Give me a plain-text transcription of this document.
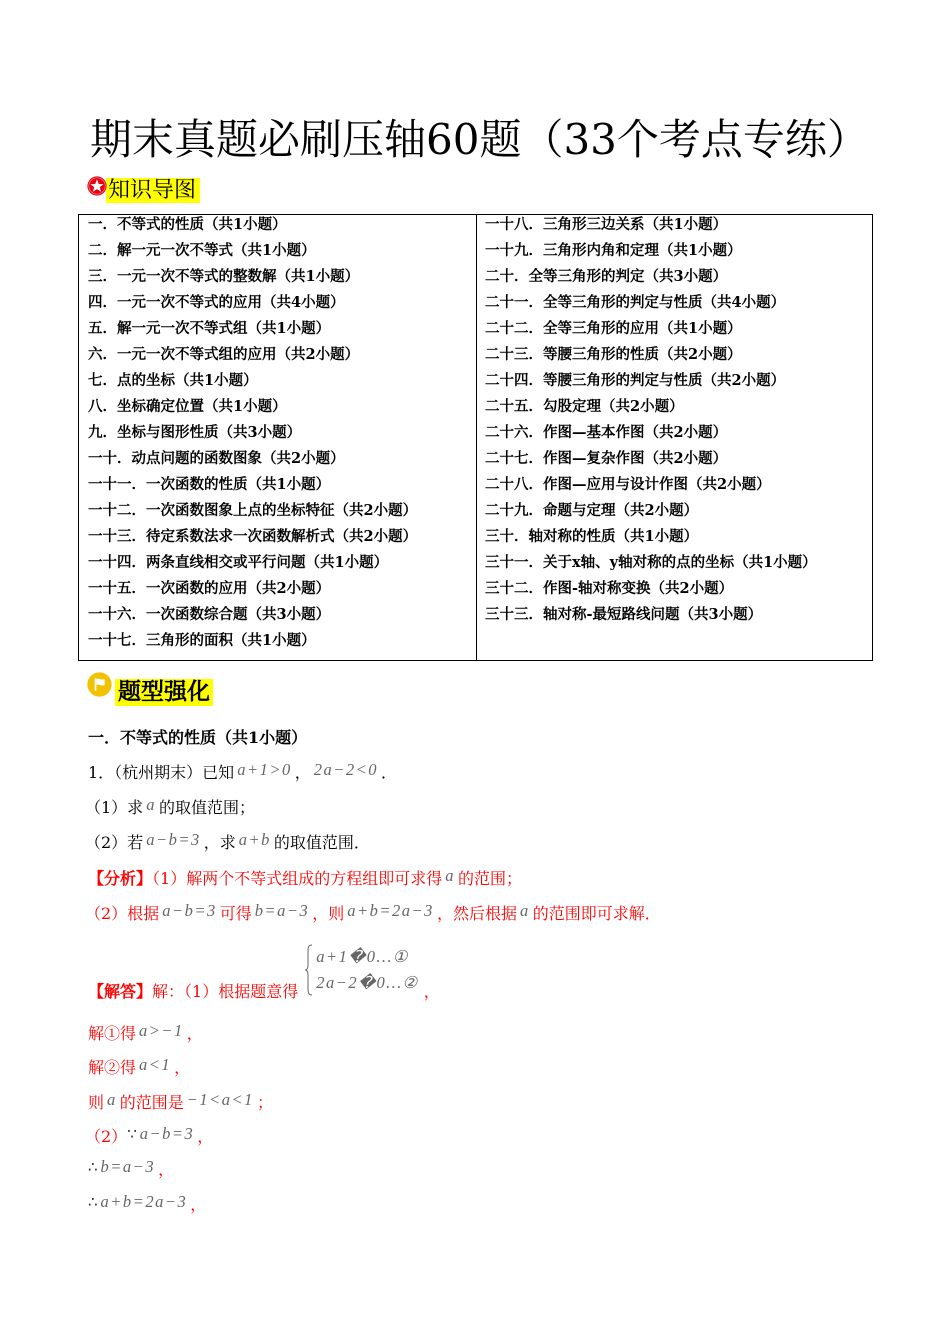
期末真题必刷压轴60题（33个考点专练）
知识导图
一．不等式的性质（共1小题）
二．解一元一次不等式（共1小题）
三．一元一次不等式的整数解（共1小题）
四．一元一次不等式的应用（共4小题）
五．解一元一次不等式组（共1小题）
六．一元一次不等式组的应用（共2小题）
七．点的坐标（共1小题）
八．坐标确定位置（共1小题）
九．坐标与图形性质（共3小题）
一十．动点问题的函数图象（共2小题）
一十一．一次函数的性质（共1小题）
一十二．一次函数图象上点的坐标特征（共2小题）
一十三．待定系数法求一次函数解析式（共2小题）
一十四．两条直线相交或平行问题（共1小题）
一十五．一次函数的应用（共2小题）
一十六．一次函数综合题（共3小题）
一十七．三角形的面积（共1小题）
一十八．三角形三边关系（共1小题）
一十九．三角形内角和定理（共1小题）
二十．全等三角形的判定（共3小题）
二十一．全等三角形的判定与性质（共4小题）
二十二．全等三角形的应用（共1小题）
二十三．等腰三角形的性质（共2小题）
二十四．等腰三角形的判定与性质（共2小题）
二十五．勾股定理（共2小题）
二十六．作图—基本作图（共2小题）
二十七．作图—复杂作图（共2小题）
二十八．作图—应用与设计作图（共2小题）
二十九．命题与定理（共2小题）
三十．轴对称的性质（共1小题）
三十一．关于x轴、y轴对称的点的坐标（共1小题）
三十二．作图-轴对称变换（共2小题）
三十三．轴对称-最短路线问题（共3小题）
题型强化
一．不等式的性质（共1小题）
1．（杭州期末）已知 a+1>0 ， 2a−2<0 ．
（1）求 a 的取值范围；
（2）若 a−b=3 ，求 a+b 的取值范围．
【分析】（1）解两个不等式组成的方程组即可求得 a 的范围；
（2）根据 a−b=3 可得 b=a−3 ，则 a+b=2a−3 ，然后根据 a 的范围即可求解．
【解答】 解：（1）根据题意得
a+1�0…①
2a−2�0…② ，
解①得 a>−1 ，
解②得 a<1 ，
则 a 的范围是 −1<a<1 ；
（2）∵ a−b=3 ，
∴ b=a−3 ，
∴ a+b=2a−3 ，
